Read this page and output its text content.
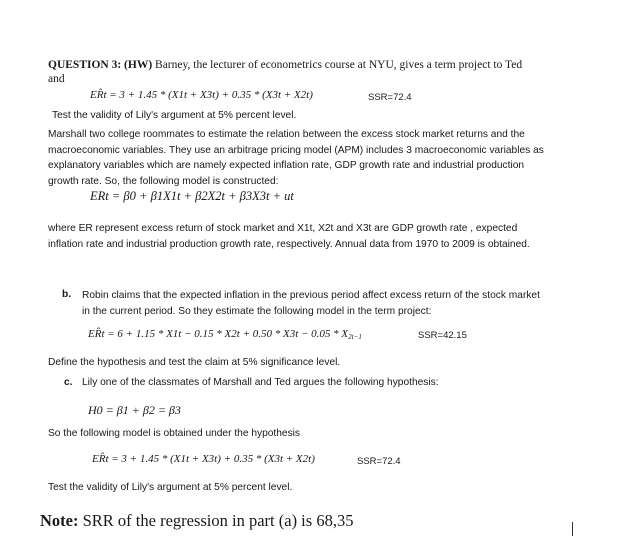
QUESTION 3: (HW) Barney, the lecturer of econometrics course at NYU, gives a term project to Ted and
ER̂t = 3 + 1.45 * (X1t + X3t) + 0.35 * (X3t + X2t)	SSR=72.4
Test the validity of Lily's argument at 5% percent level.
Marshall two college roommates to estimate the relation between the excess stock market returns and the macroeconomic variables. They use an arbitrage pricing model (APM) includes 3 macroeconomic variables as explanatory variables which are namely expected inflation rate, GDP growth rate and industrial production growth rate. So, the following model is constructed:
ERt = β0 + β1X1t + β2X2t + β3X3t + ut
where ER represent excess return of stock market and X1t, X2t and X3t are GDP growth rate , expected inflation rate and industrial production growth rate, respectively. Annual data from 1970 to 2009 is obtained.
b. Robin claims that the expected inflation in the previous period affect excess return of the stock market in the current period. So they estimate the following model in the term project:
ER̂t = $6 + 1.15 * X1t - 0.15 * X2t + 0.50 * X3t - 0.05 * X_{2t-1}$	SSR=42.15
Define the hypothesis and test the claim at 5% significance level.
c. Lily one of the classmates of Marshall and Ted argues the following hypothesis:
H0 = β1 + β2 = β3
So the following model is obtained under the hypothesis
ER̂t = 3 + 1.45 * (X1t + X3t) + 0.35 * (X3t + X2t)	SSR=72.4
Test the validity of Lily's argument at 5% percent level.
Note: SRR of the regression in part (a) is 68,35
